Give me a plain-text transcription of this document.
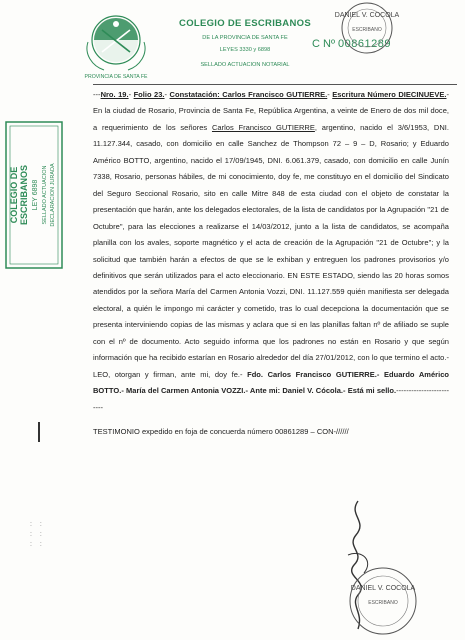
PROVINCIA DE SANTA FE
COLEGIO DE ESCRIBANOS
DE LA PROVINCIA DE SANTA FE
LEYES 3330 y 6898
SELLADO ACTUACION NOTARIAL
C Nº 00861289
DANIEL V. COCOLA
ESCRIBANO
COLEGIO DE ESCRIBANOS LEY 6898 SELLADO ACTUACION DECLARACION JURADA

---Nro. 19.- Folio 23.- Constatación: Carlos Francisco GUTIERRE.- Escritura Número DIECINUEVE.- En la ciudad de Rosario, Provincia de Santa Fe, República Argentina, a veinte de Enero de dos mil doce, a requerimiento de los señores Carlos Francisco GUTIERRE, argentino, nacido el 3/6/1953, DNI. 11.127.344, casado, con domicilio en calle Sanchez de Thompson 72 – 9 – D, Rosario; y Eduardo Américo BOTTO, argentino, nacido el 17/09/1945, DNI. 6.061.379, casado, con domicilio en calle Junín 7338, Rosario, personas hábiles, de mi conocimiento, doy fe, me constituyo en el domicilio del Sindicato del Seguro Seccional Rosario, sito en calle Mitre 848 de esta ciudad con el objeto de constatar la presentación que harán, ante los delegados electorales, de la lista de candidatos por la Agrupación "21 de Octubre", para las elecciones a realizarse el 14/03/2012, junto a la lista de candidatos, se acompaña planilla con los avales, soporte magnético y el acta de creación de la Agrupación "21 de Octubre"; y la solicitud que también harán a efectos de que se le exhiban y entreguen los padrones provisorios y/o definitivos que serán utilizados para el acto eleccionario. EN ESTE ESTADO, siendo las 20 horas somos atendidos por la señora María del Carmen Antonia Vozzi, DNI. 11.127.559 quién manifiesta ser delegada electoral, a quién le impongo mi carácter y cometido, tras lo cual decepciona la documentación que se presenta interviniendo copias de las mismas y aclara que si en las planillas faltan nº de afiliado se suple con el nº de documento. Acto seguido informa que los padrones no están en Rosario y que según información que ha recibido estarían en Rosario alrededor del día 27/01/2012, con lo que termino el acto.- LEO, otorgan y firman, ante mi, doy fe.- Fdo. Carlos Francisco GUTIERRE.- Eduardo Américo BOTTO.- María del Carmen Antonia VOZZI.- Ante mi: Daniel V. Cócola.- Está mi sello.-------------------------

TESTIMONIO expedido en foja de concuerda número 00861289 – CON-//////

: :
: :
: :
DANIEL V. COCOLA
ESCRIBANO
